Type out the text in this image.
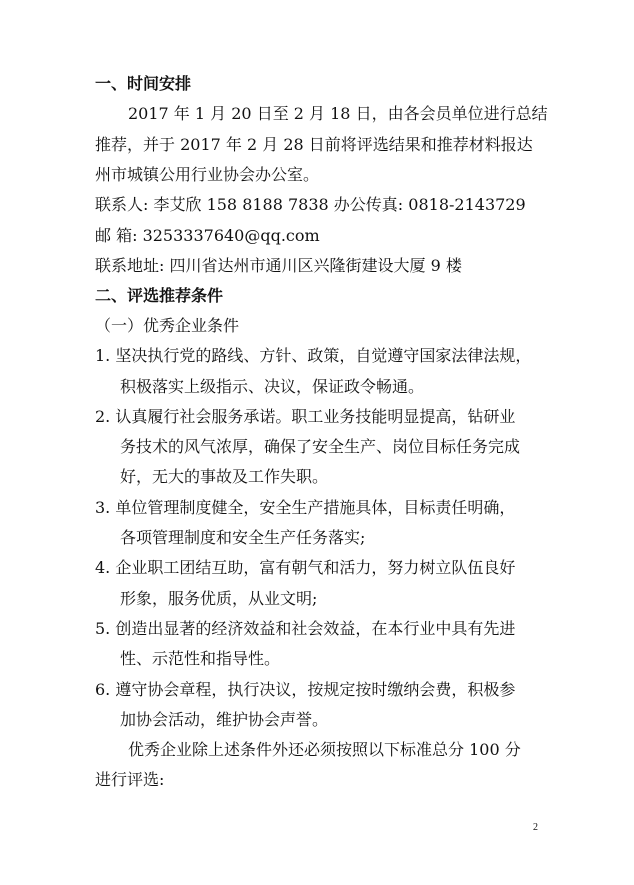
一、时间安排
2017 年 1 月 20 日至 2 月 18 日，由各会员单位进行总结
推荐，并于 2017 年 2 月 28 日前将评选结果和推荐材料报达
州市城镇公用行业协会办公室。
联系人: 李艾欣 158 8188 7838 办公传真: 0818-2143729
邮 箱: 3253337640@qq.com
联系地址: 四川省达州市通川区兴隆街建设大厦 9 楼
二、评选推荐条件
（一）优秀企业条件
1. 坚决执行党的路线、方针、政策，自觉遵守国家法律法规，
积极落实上级指示、决议，保证政令畅通。
2. 认真履行社会服务承诺。职工业务技能明显提高，钻研业
务技术的风气浓厚，确保了安全生产、岗位目标任务完成
好，无大的事故及工作失职。
3. 单位管理制度健全，安全生产措施具体，目标责任明确，
各项管理制度和安全生产任务落实;
4. 企业职工团结互助，富有朝气和活力，努力树立队伍良好
形象，服务优质，从业文明;
5. 创造出显著的经济效益和社会效益，在本行业中具有先进
性、示范性和指导性。
6. 遵守协会章程，执行决议，按规定按时缴纳会费，积极参
加协会活动，维护协会声誉。
优秀企业除上述条件外还必须按照以下标准总分 100 分
进行评选:
2
